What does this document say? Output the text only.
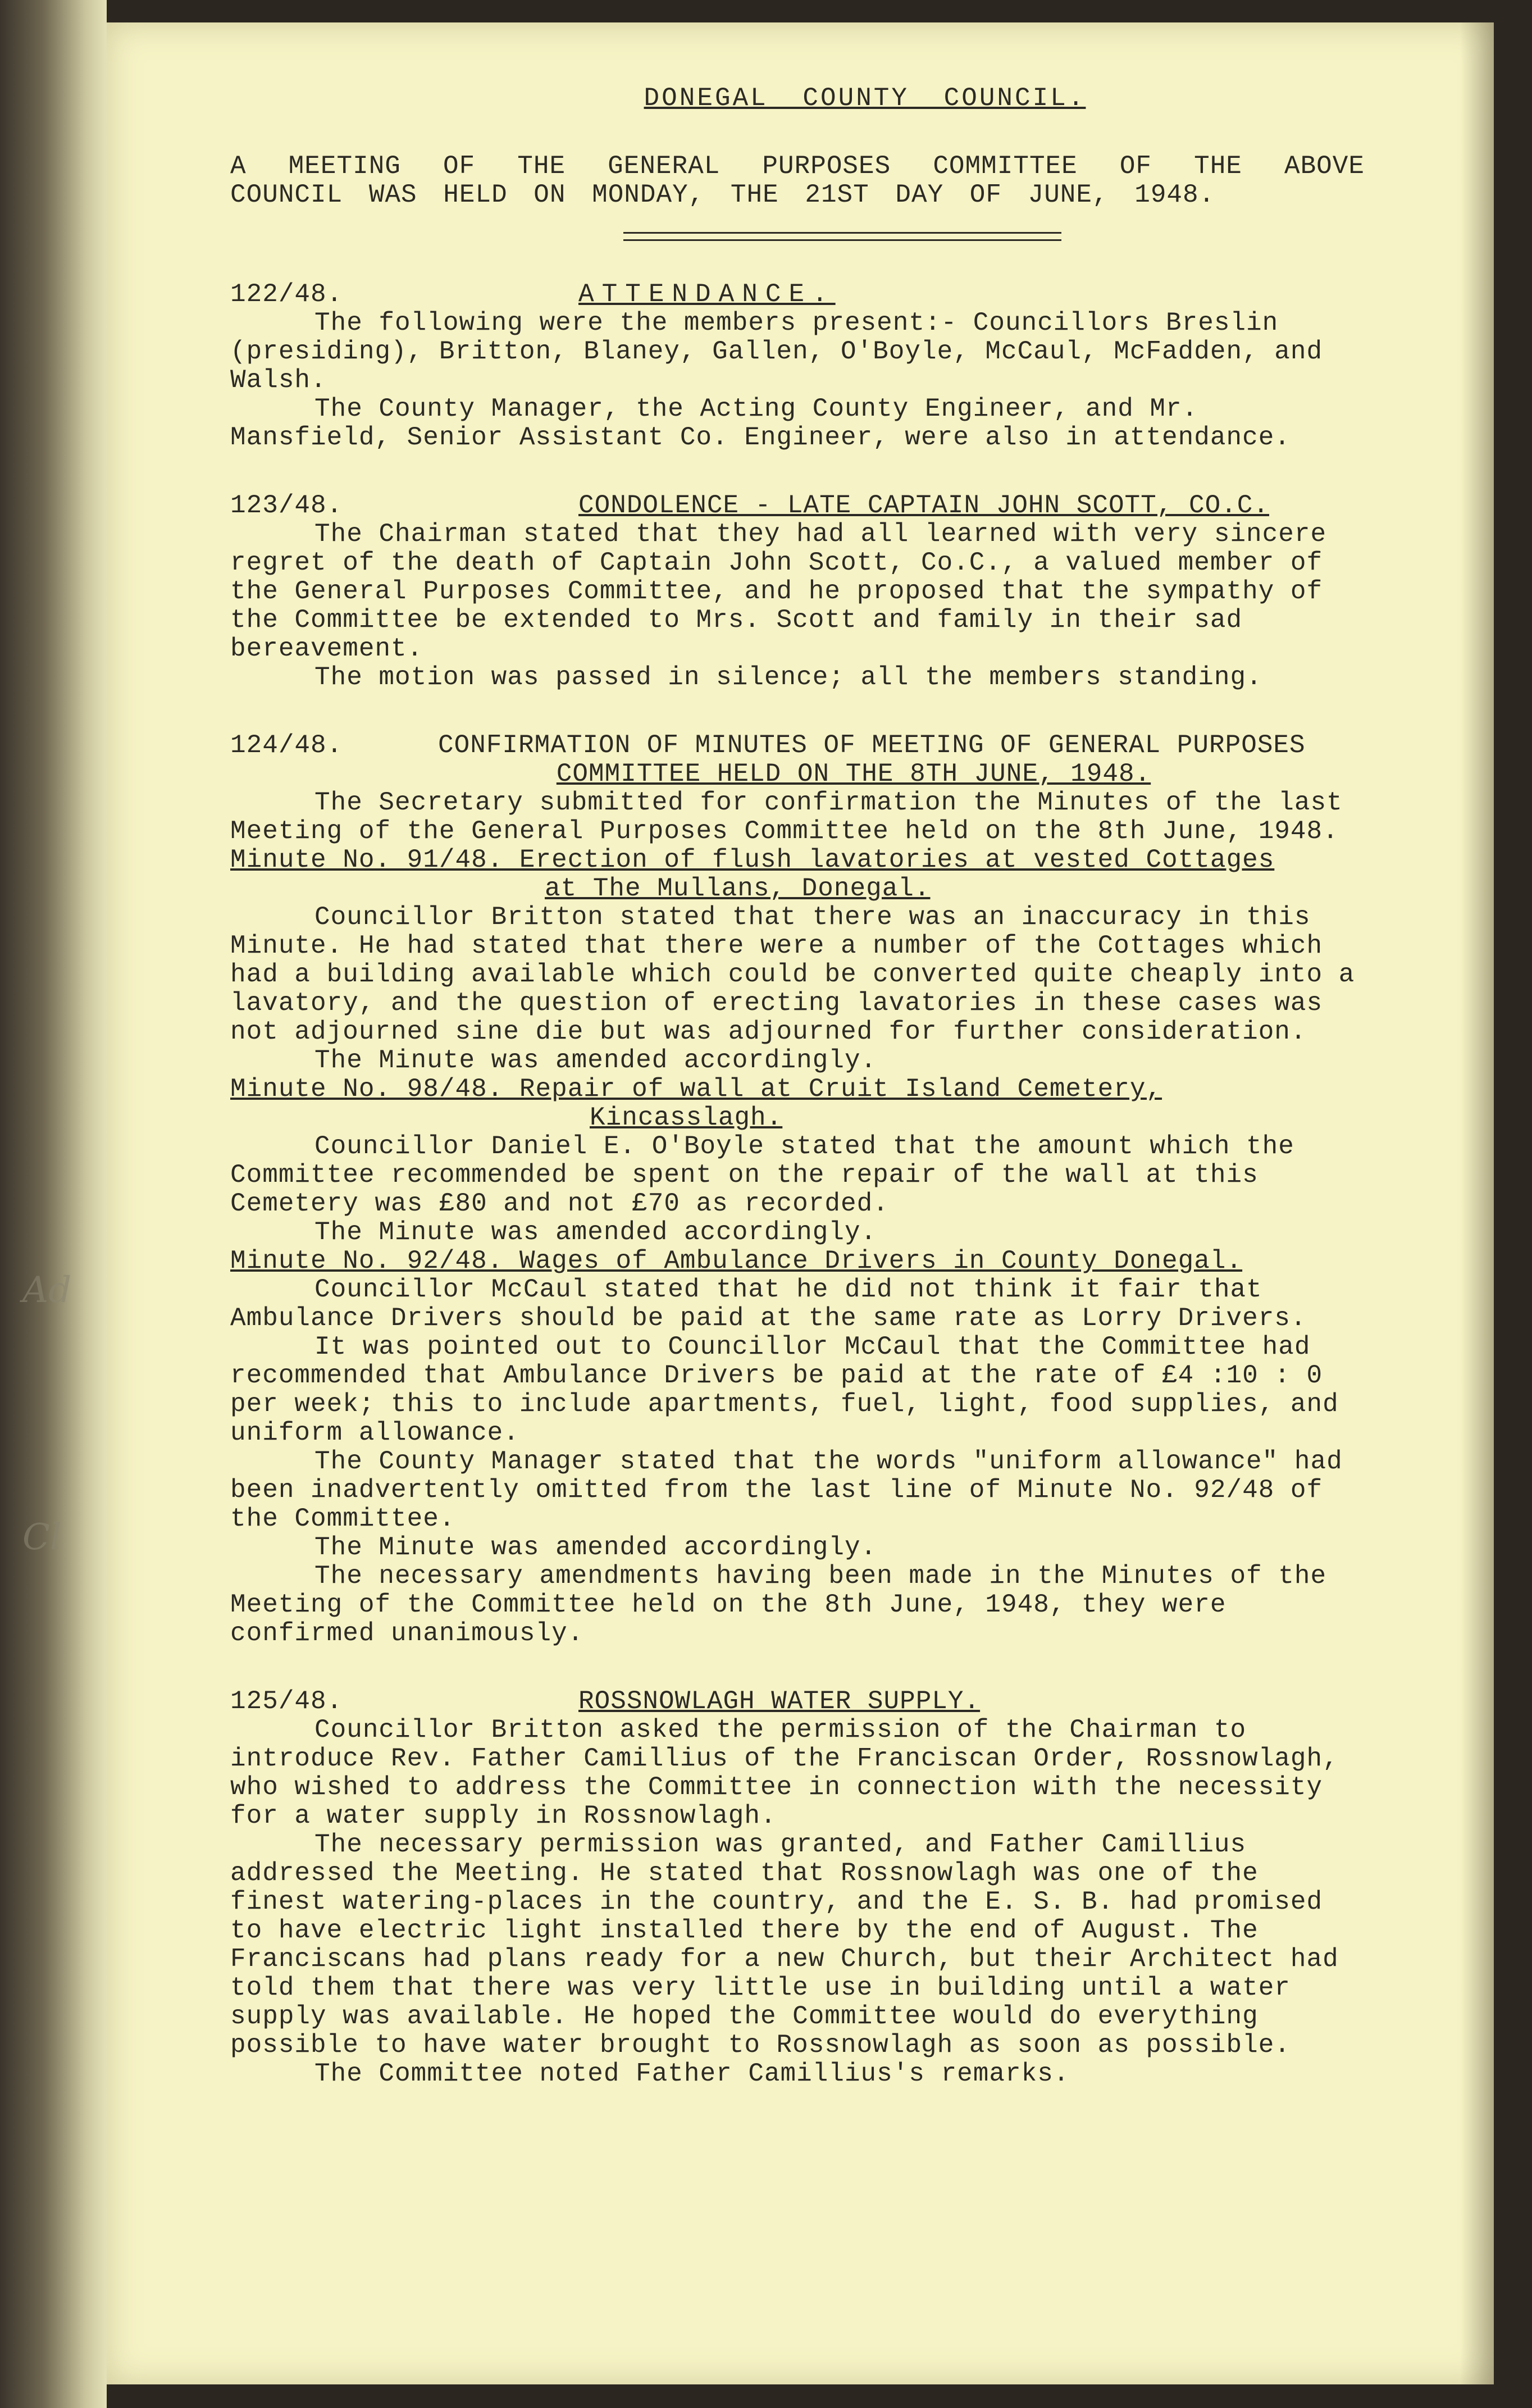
Ad
Cl
DONEGAL COUNTY COUNCIL.
A MEETING OF THE GENERAL PURPOSES COMMITTEE OF THE ABOVE
COUNCIL WAS HELD ON MONDAY, THE 21ST DAY OF JUNE, 1948.
122/48.	ATTENDANCE.

The following were the members present:- Councillors Breslin (presiding), Britton, Blaney, Gallen, O'Boyle, McCaul, McFadden, and Walsh.

The County Manager, the Acting County Engineer, and Mr. Mansfield, Senior Assistant Co. Engineer, were also in attendance.

123/48.	CONDOLENCE - LATE CAPTAIN JOHN SCOTT, CO.C.

The Chairman stated that they had all learned with very sincere regret of the death of Captain John Scott, Co.C., a valued member of the General Purposes Committee, and he proposed that the sympathy of the Committee be extended to Mrs. Scott and family in their sad bereavement.

The motion was passed in silence; all the members standing.

124/48.	CONFIRMATION OF MINUTES OF MEETING OF GENERAL PURPOSES
COMMITTEE HELD ON THE 8TH JUNE, 1948.

The Secretary submitted for confirmation the Minutes of the last Meeting of the General Purposes Committee held on the 8th June, 1948.

Minute No. 91/48. Erection of flush lavatories at vested Cottages
at The Mullans, Donegal.

Councillor Britton stated that there was an inaccuracy in this Minute. He had stated that there were a number of the Cottages which had a building available which could be converted quite cheaply into a lavatory, and the question of erecting lavatories in these cases was not adjourned sine die but was adjourned for further consideration.

The Minute was amended accordingly.

Minute No. 98/48. Repair of wall at Cruit Island Cemetery,
Kincasslagh.

Councillor Daniel E. O'Boyle stated that the amount which the Committee recommended be spent on the repair of the wall at this Cemetery was £80 and not £70 as recorded.

The Minute was amended accordingly.

Minute No. 92/48. Wages of Ambulance Drivers in County Donegal.

Councillor McCaul stated that he did not think it fair that Ambulance Drivers should be paid at the same rate as Lorry Drivers.

It was pointed out to Councillor McCaul that the Committee had recommended that Ambulance Drivers be paid at the rate of £4 :10 : 0 per week; this to include apartments, fuel, light, food supplies, and uniform allowance.

The County Manager stated that the words "uniform allowance" had been inadvertently omitted from the last line of Minute No. 92/48 of the Committee.

The Minute was amended accordingly.

The necessary amendments having been made in the Minutes of the Meeting of the Committee held on the 8th June, 1948, they were confirmed unanimously.

125/48.	ROSSNOWLAGH WATER SUPPLY.

Councillor Britton asked the permission of the Chairman to introduce Rev. Father Camillius of the Franciscan Order, Rossnowlagh, who wished to address the Committee in connection with the necessity for a water supply in Rossnowlagh.

The necessary permission was granted, and Father Camillius addressed the Meeting. He stated that Rossnowlagh was one of the finest watering-places in the country, and the E. S. B. had promised to have electric light installed there by the end of August. The Franciscans had plans ready for a new Church, but their Architect had told them that there was very little use in building until a water supply was available. He hoped the Committee would do everything possible to have water brought to Rossnowlagh as soon as possible.

The Committee noted Father Camillius's remarks.
